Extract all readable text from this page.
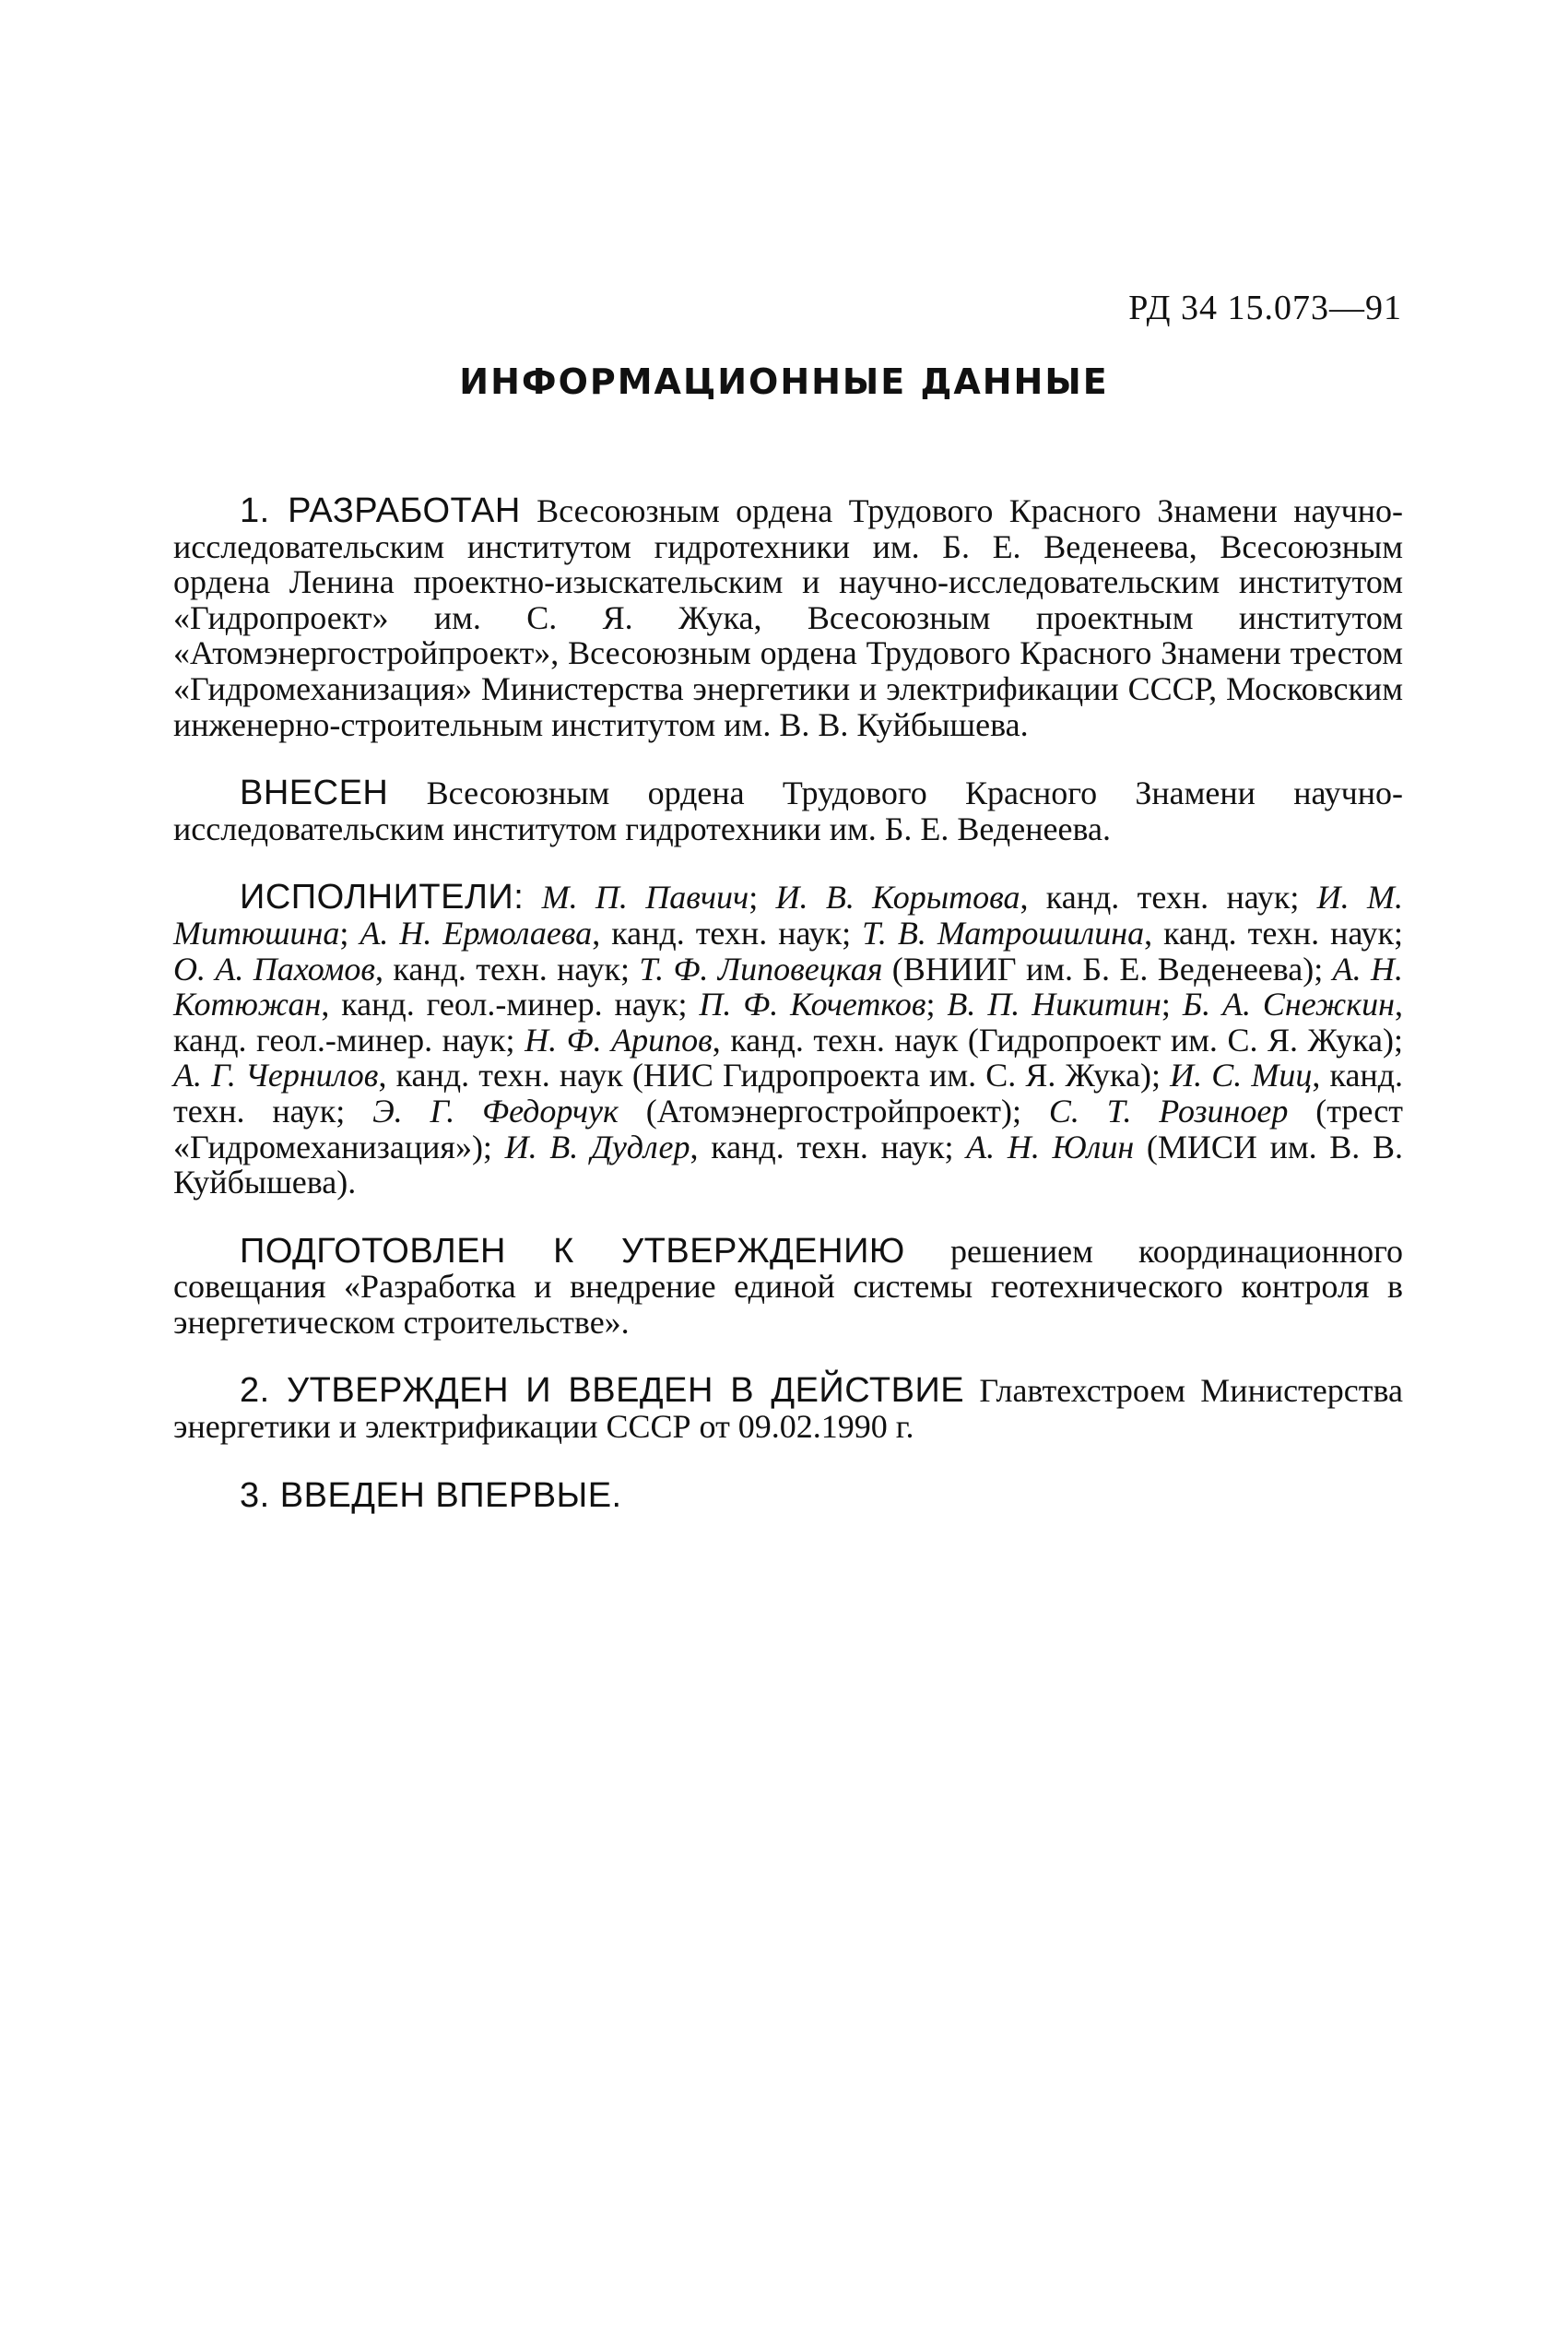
РД 34 15.073—91
ИНФОРМАЦИОННЫЕ ДАННЫЕ

1. РАЗРАБОТАН Всесоюзным ордена Трудового Красного Знамени научно-исследовательским институтом гидротехники им. Б. Е. Веденеева, Всесоюзным ордена Ленина проектно-изыскательским и научно-исследовательским институтом «Гидропроект» им. С. Я. Жука, Всесоюзным проектным институтом «Атомэнергостройпроект», Всесоюзным ордена Трудового Красного Знамени трестом «Гидромеханизация» Министерства энергетики и электрификации СССР, Московским инженерно-строительным институтом им. В. В. Куйбышева.

ВНЕСЕН Всесоюзным ордена Трудового Красного Знамени научно-исследовательским институтом гидротехники им. Б. Е. Веденеева.

ИСПОЛНИТЕЛИ: М. П. Павчич; И. В. Корытова, канд. техн. наук; И. М. Митюшина; А. Н. Ермолаева, канд. техн. наук; Т. В. Матрошилина, канд. техн. наук; О. А. Пахомов, канд. техн. наук; Т. Ф. Липовецкая (ВНИИГ им. Б. Е. Веденеева); А. Н. Котюжан, канд. геол.-минер. наук; П. Ф. Кочетков; В. П. Никитин; Б. А. Снежкин, канд. геол.-минер. наук; Н. Ф. Арипов, канд. техн. наук (Гидропроект им. С. Я. Жука); А. Г. Чернилов, канд. техн. наук (НИС Гидропроекта им. С. Я. Жука); И. С. Миц, канд. техн. наук; Э. Г. Федорчук (Атомэнергостройпроект); С. Т. Розиноер (трест «Гидромеханизация»); И. В. Дудлер, канд. техн. наук; А. Н. Юлин (МИСИ им. В. В. Куйбышева).

ПОДГОТОВЛЕН К УТВЕРЖДЕНИЮ решением координационного совещания «Разработка и внедрение единой системы геотехнического контроля в энергетическом строительстве».

2. УТВЕРЖДЕН И ВВЕДЕН В ДЕЙСТВИЕ Главтехстроем Министерства энергетики и электрификации СССР от 09.02.1990 г.

3. ВВЕДЕН ВПЕРВЫЕ.
